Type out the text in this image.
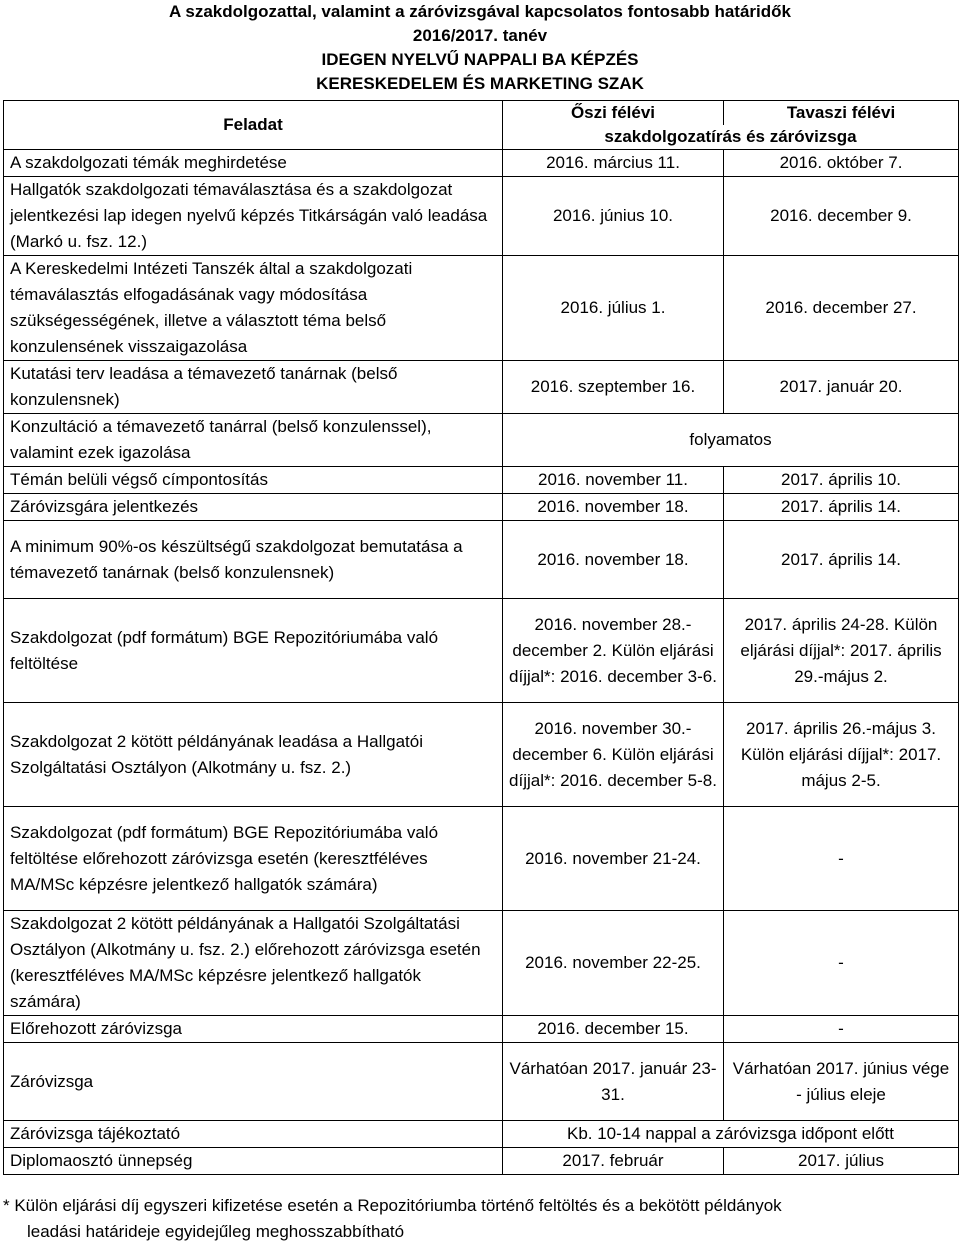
A szakdolgozattal, valamint a záróvizsgával kapcsolatos fontosabb határidők
2016/2017. tanév
IDEGEN NYELVŰ NAPPALI BA KÉPZÉS
KERESKEDELEM ÉS MARKETING SZAK
Feladat	Őszi félévi	Tavaszi félévi
	szakdolgozatírás és záróvizsga	
A szakdolgozati témák meghirdetése	2016. március 11.	2016. október 7.
Hallgatók szakdolgozati témaválasztása és a szakdolgozat jelentkezési lap idegen nyelvű képzés Titkárságán való leadása (Markó u. fsz. 12.)	2016. június 10.	2016. december 9.
A Kereskedelmi Intézeti Tanszék által a szakdolgozati témaválasztás elfogadásának vagy módosítása szükségességének, illetve a választott téma belső konzulensének visszaigazolása	2016. július 1.	2016. december 27.
Kutatási terv leadása a témavezető tanárnak (belső konzulensnek)	2016. szeptember 16.	2017. január 20.
Konzultáció a témavezető tanárral (belső konzulenssel), valamint ezek igazolása	folyamatos	
Témán belüli végső címpontosítás	2016. november 11.	2017. április 10.
Záróvizsgára jelentkezés	2016. november 18.	2017. április 14.
A minimum 90%-os készültségű szakdolgozat bemutatása a témavezető tanárnak (belső konzulensnek)	2016. november 18.	2017. április 14.
Szakdolgozat (pdf formátum) BGE Repozitóriumába való feltöltése	2016. november 28.- december 2. Külön eljárási díjjal*: 2016. december 3-6.	2017. április 24-28. Külön eljárási díjjal*: 2017. április 29.-május 2.
Szakdolgozat 2 kötött példányának leadása a Hallgatói Szolgáltatási Osztályon (Alkotmány u. fsz. 2.)	2016. november 30.- december 6. Külön eljárási díjjal*: 2016. december 5-8.	2017. április 26.-május 3. Külön eljárási díjjal*: 2017. május 2-5.
Szakdolgozat (pdf formátum) BGE Repozitóriumába való feltöltése előrehozott záróvizsga esetén (keresztféléves MA/MSc képzésre jelentkező hallgatók számára)	2016. november 21-24.	-
Szakdolgozat 2 kötött példányának a Hallgatói Szolgáltatási Osztályon (Alkotmány u. fsz. 2.) előrehozott záróvizsga esetén (keresztféléves MA/MSc képzésre jelentkező hallgatók számára)	2016. november 22-25.	-
Előrehozott záróvizsga	2016. december 15.	-
Záróvizsga	Várhatóan 2017. január 23-31.	Várhatóan 2017. június vége - július eleje
Záróvizsga tájékoztató	Kb. 10-14 nappal a záróvizsga időpont előtt	
Diplomaosztó ünnepség	2017. február	2017. július
* Külön eljárási díj egyszeri kifizetése esetén a Repozitóriumba történő feltöltés és a bekötött példányok
leadási határideje egyidejűleg meghosszabbítható
